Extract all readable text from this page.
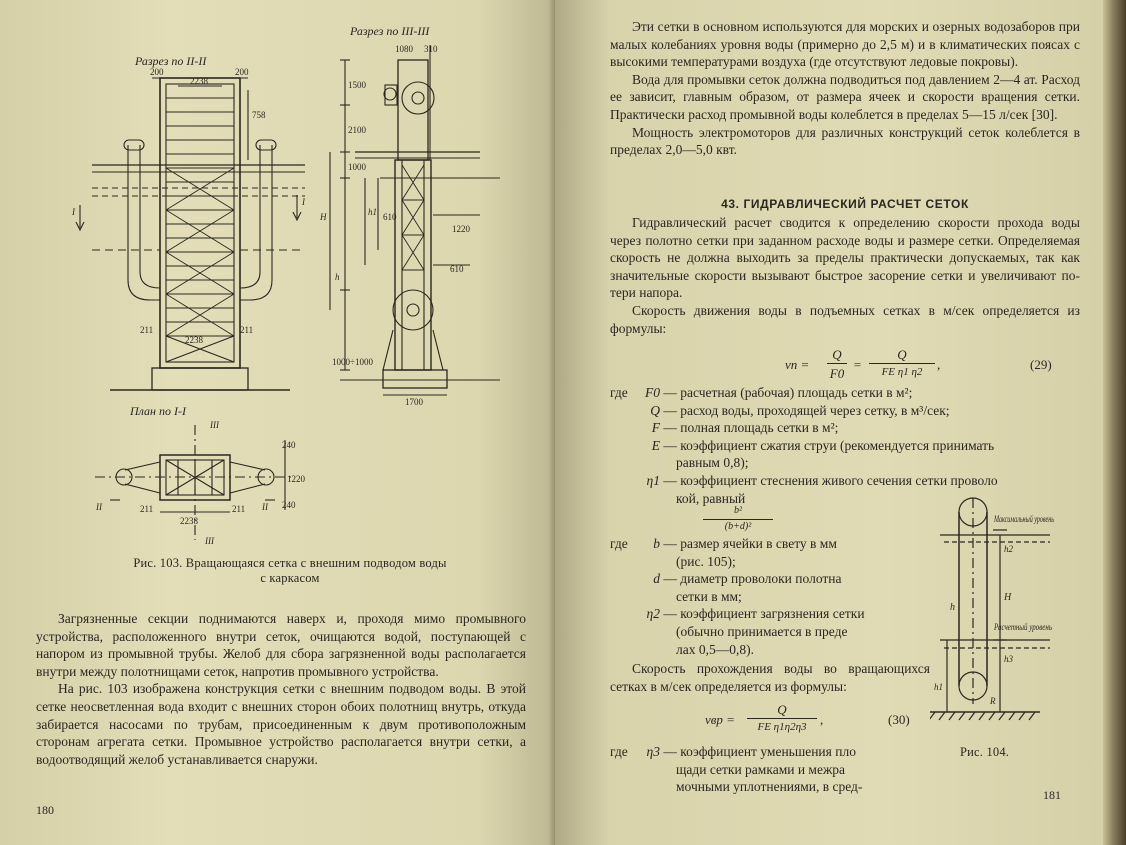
200
2238
200
758
211
2238
211
I
I
1080 310
1500
2100
1000
H	h1
h
610
1220
610
1000÷1000
1700
240
1220
240
211
2238
211
II	II
III
III
Разрез по II-II
Разрез по III-III
План по I-I
Рис. 103. Вращающаяся сетка с внешним подводом воды
с каркасом

Загрязненные секции поднимаются наверх и, проходя мимо промывного устройства, расположенного внутри сеток, очищаются водой, поступающей с напором из промывной трубы. Желоб для сбора загрязненной воды располагается внутри между полотнищами сеток, напротив промывного устройства.

На рис. 103 изображена конструкция сетки с внешним подводом воды. В этой сетке неосветленная вода входит с внешних сторон обоих полотнищ внутрь, откуда забирается насосами по трубам, присоединенным к двум противоположным сторонам агрегата сетки. Промывное устройство располагается внутри сетки, а водоотводящий желоб устанавливается снаружи.

180

Эти сетки в основном используются для морских и озерных водозаборов при малых колебаниях уровня воды (примерно до 2,5 м) и в климатических поясах с высокими температурами воздуха (где отсутствуют ледовые покровы).

Вода для промывки сеток должна подводиться под давлением 2—4 ат. Расход ее зависит, главным образом, от размера ячеек и скорости вращения сетки. Практически расход промывной воды колеблется в пределах 5—15 л/сек [30].

Мощность электромоторов для различных конструкций сеток колеблется в пределах 2,0—5,0 квт.

43. ГИДРАВЛИЧЕСКИЙ РАСЧЕТ СЕТОК

Гидравлический расчет сводится к определению скорости прохода воды через полотно сетки при заданном расходе воды и размере сетки. Определяемая скорость не должна выходить за пределы практически допускаемых, так как значительные скорости вызывают быстрое засорение сетки и увеличивают потери напора.

Скорость движения воды в подъемных сетках в м/сек определяется из формулы:

vп =
Q
F0
=
Q
FE η1 η2	,	(29)
где F0 — расчетная (рабочая) площадь сетки в м²;
Q — расход воды, проходящей через сетку, в м³/сек;
F — полная площадь сетки в м²;
E — коэффициент сжатия струи (рекомендуется принимать
равным 0,8);
η1 — коэффициент стеснения живого сечения сетки проволо
кой, равный
b²
(b+d)²
где b — размер ячейки в свету в мм
(рис. 105);
d — диаметр проволоки полотна
сетки в мм;
η2 — коэффициент загрязнения сетки
(обычно принимается в преде
лах 0,5—0,8).

Скорость прохождения воды во вращающихся сетках в м/сек определяется из формулы:

vвр =
Q
FE η1η2η3	,	(30)
где η3 — коэффициент уменьшения пло
щади сетки рамками и межра
мочными уплотнениями, в сред-
Максимальный уровень
Расчетный уровень
H
h
h1
h2
h3
R
Рис. 104.
181
